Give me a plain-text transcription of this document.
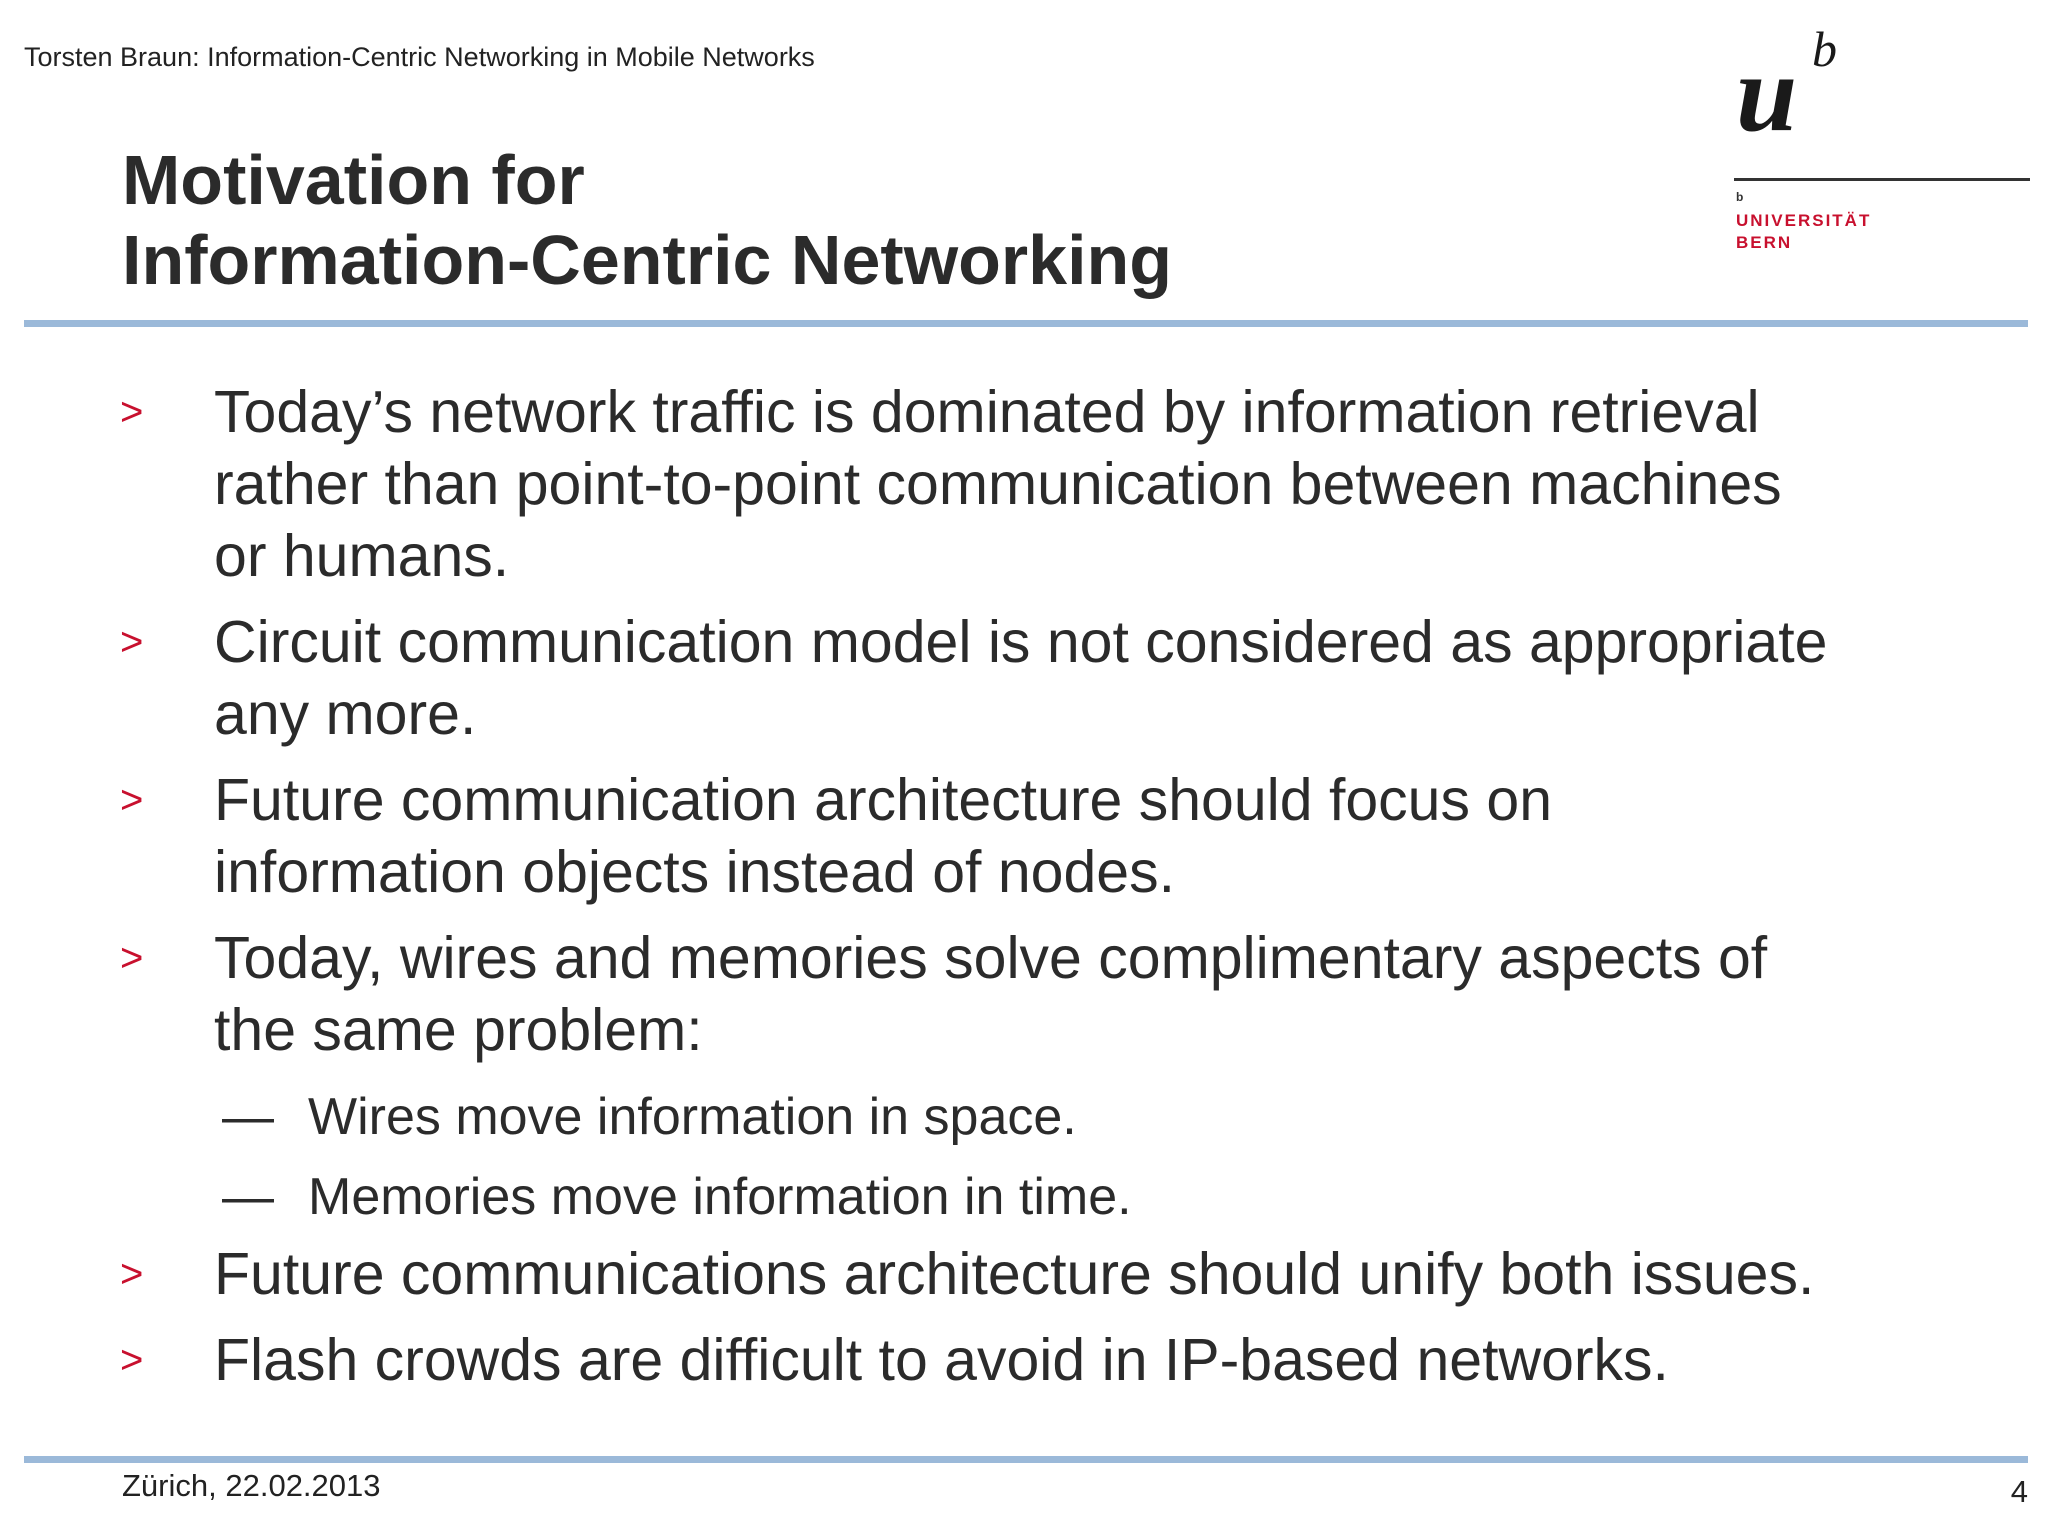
Torsten Braun: Information-Centric Networking in Mobile Networks
Motivation for
Information-Centric Networking
u b
b
UNIVERSITÄT
BERN
> Today’s network traffic is dominated by information retrieval
rather than point-to-point communication between machines
or humans.
> Circuit communication model is not considered as appropriate
any more.
> Future communication architecture should focus on
information objects instead of nodes.
> Today, wires and memories solve complimentary aspects of
the same problem:
— Wires move information in space.
— Memories move information in time.
> Future communications architecture should unify both issues.
> Flash crowds are difficult to avoid in IP-based networks.
Zürich, 22.02.2013	4
